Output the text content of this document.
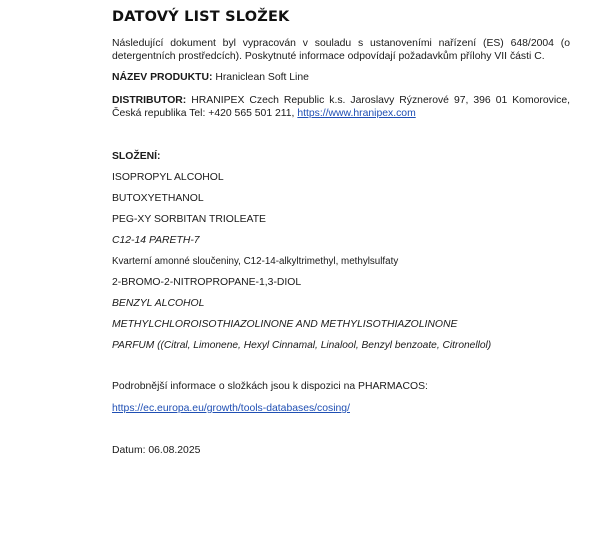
DATOVÝ LIST SLOŽEK

Následující dokument byl vypracován v souladu s ustanoveními nařízení (ES) 648/2004 (o detergentních prostředcích). Poskytnuté informace odpovídají požadavkům přílohy VII části C.

NÁZEV PRODUKTU: Hraniclean Soft Line

DISTRIBUTOR: HRANIPEX Czech Republic k.s. Jaroslavy Rýznerové 97, 396 01 Komorovice, Česká republika Tel: +420 565 501 211, https://www.hranipex.com

SLOŽENÍ:

ISOPROPYL ALCOHOL

BUTOXYETHANOL

PEG-XY SORBITAN TRIOLEATE

C12-14 PARETH-7

Kvarterní amonné sloučeniny, C12-14-alkyltrimethyl, methylsulfaty

2-BROMO-2-NITROPROPANE-1,3-DIOL

BENZYL ALCOHOL

METHYLCHLOROISOTHIAZOLINONE AND METHYLISOTHIAZOLINONE

PARFUM ((Citral, Limonene, Hexyl Cinnamal, Linalool, Benzyl benzoate, Citronellol)

Podrobnější informace o složkách jsou k dispozici na PHARMACOS:

https://ec.europa.eu/growth/tools-databases/cosing/

Datum: 06.08.2025
